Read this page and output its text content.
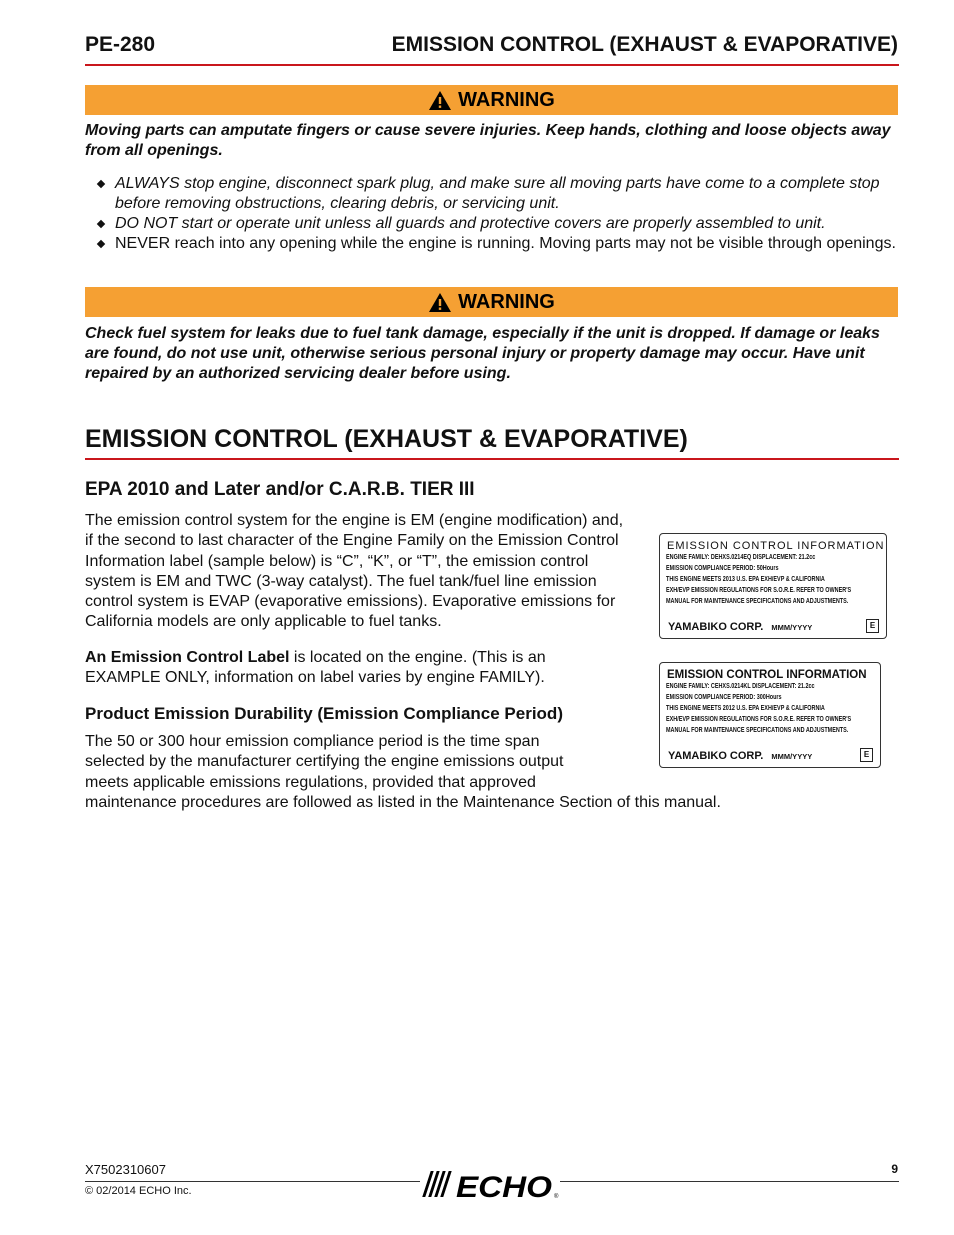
PE-280	EMISSION CONTROL (EXHAUST & EVAPORATIVE)
WARNING
Moving parts can amputate fingers or cause severe injuries. Keep hands, clothing and loose objects away from all openings.
ALWAYS stop engine, disconnect spark plug, and make sure all moving parts have come to a complete stop before removing obstructions, clearing debris, or servicing unit.
DO NOT start or operate unit unless all guards and protective covers are properly assembled to unit.
NEVER reach into any opening while the engine is running. Moving parts may not be visible through openings.
WARNING
Check fuel system for leaks due to fuel tank damage, especially if the unit is dropped. If damage or leaks are found, do not use unit, otherwise serious personal injury or property damage may occur. Have unit repaired by an authorized servicing dealer before using.
EMISSION CONTROL (EXHAUST & EVAPORATIVE)
EPA 2010 and Later and/or C.A.R.B. TIER III
The emission control system for the engine is EM (engine modification) and, if the second to last character of the Engine Family on the Emission Control Information label (sample below) is “C”, “K”, or “T”, the emission control system is EM and TWC (3-way catalyst). The fuel tank/fuel line emission control system is EVAP (evaporative emissions). Evaporative emissions for California models are only applicable to fuel tanks.
An Emission Control Label is located on the engine. (This is an EXAMPLE ONLY, information on label varies by engine FAMILY).
Product Emission Durability (Emission Compliance Period)
The 50 or 300 hour emission compliance period is the time span
selected by the manufacturer certifying the engine emissions output
meets applicable emissions regulations, provided that approved
maintenance procedures are followed as listed in the Maintenance Section of this manual.
EMISSION CONTROL INFORMATION
ENGINE FAMILY: DEHXS.0214EQ DISPLACEMENT: 21.2cc
EMISSION COMPLIANCE PERIOD: 50Hours
THIS ENGINE MEETS 2013 U.S. EPA EXH/EVP & CALIFORNIA
EXH/EVP EMISSION REGULATIONS FOR S.O.R.E. REFER TO OWNER'S
MANUAL FOR MAINTENANCE SPECIFICATIONS AND ADJUSTMENTS.
YAMABIKO CORP. MMM/YYYY	E
EMISSION CONTROL INFORMATION
ENGINE FAMILY: CEHXS.0214KL DISPLACEMENT: 21.2cc
EMISSION COMPLIANCE PERIOD: 300Hours
THIS ENGINE MEETS 2012 U.S. EPA EXH/EVP & CALIFORNIA
EXH/EVP EMISSION REGULATIONS FOR S.O.R.E. REFER TO OWNER'S
MANUAL FOR MAINTENANCE SPECIFICATIONS AND ADJUSTMENTS.
YAMABIKO CORP. MMM/YYYY	E
X7502310607
© 02/2014 ECHO Inc.
9
ECHO ®
